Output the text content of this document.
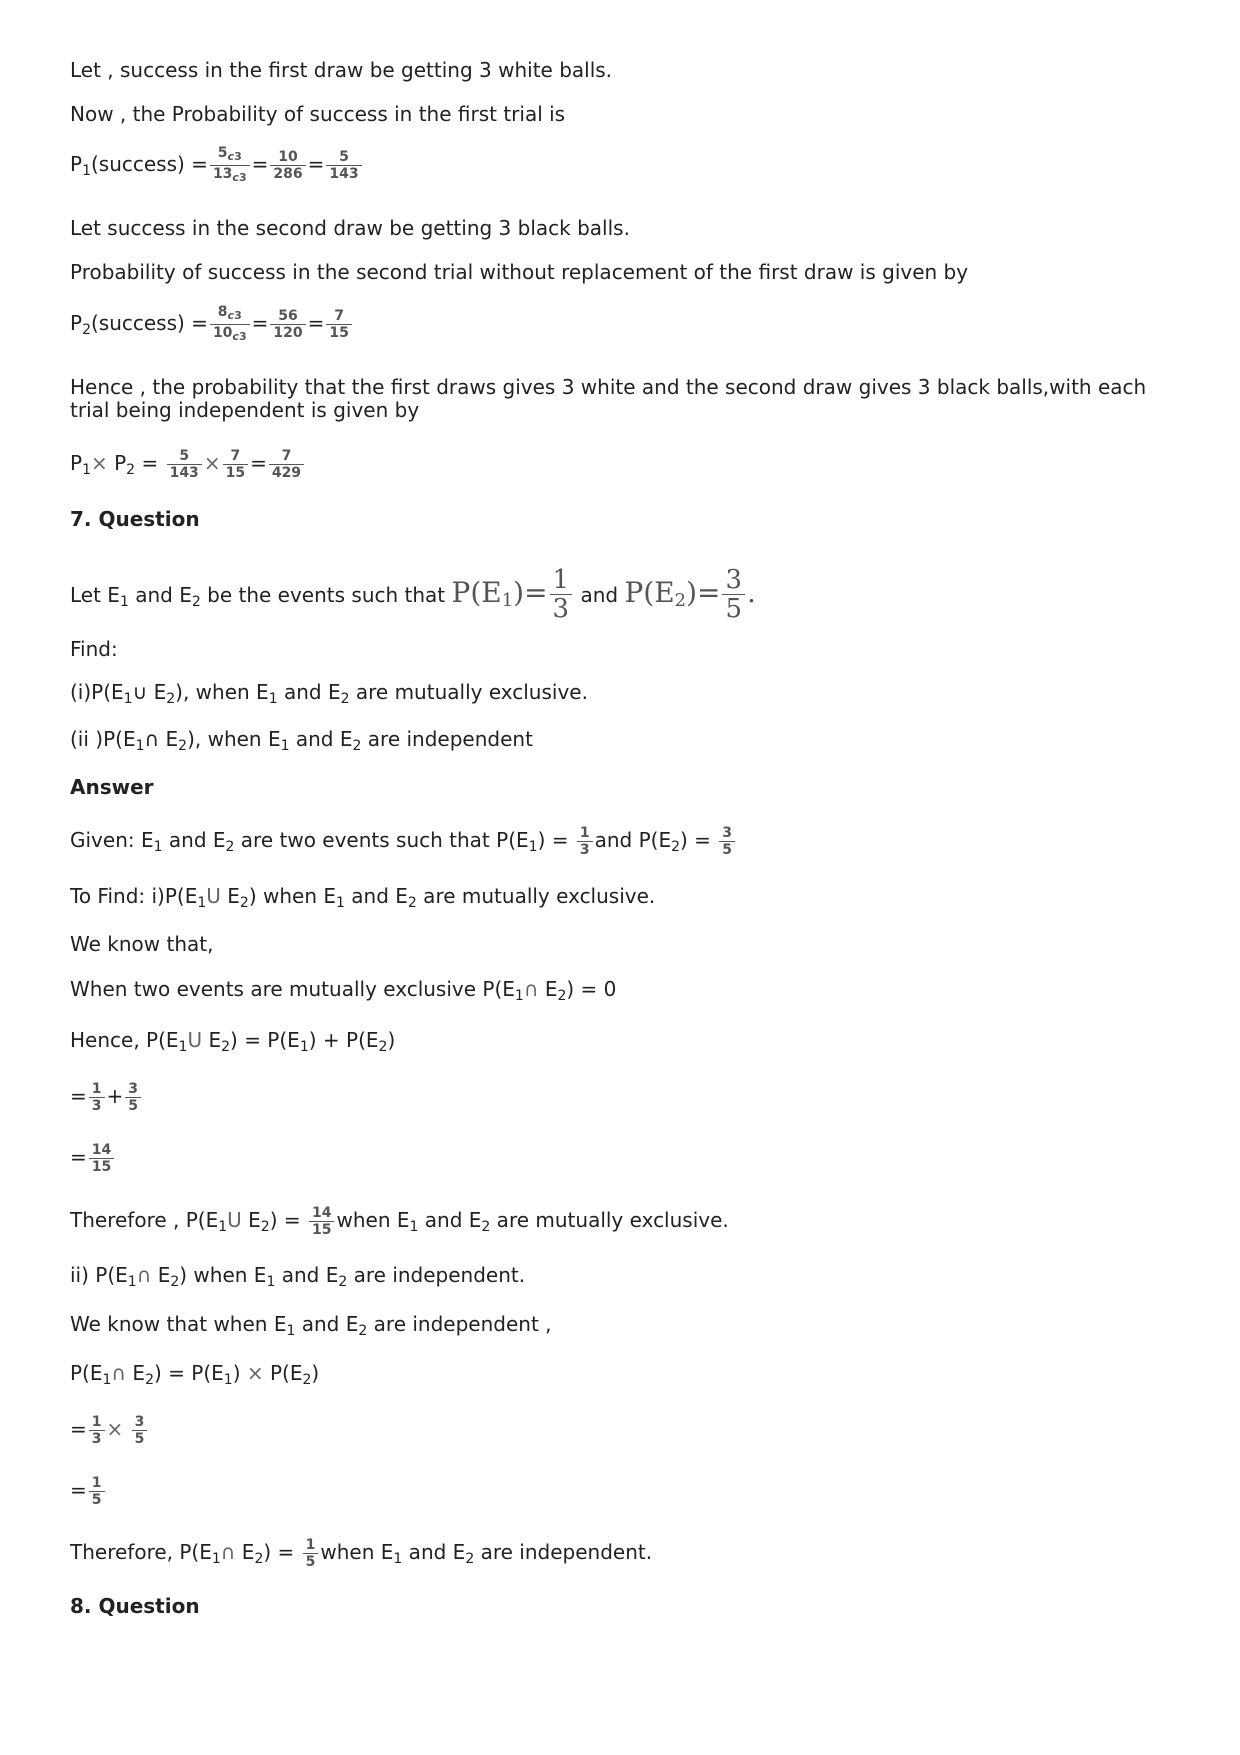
Let , success in the first draw be getting 3 white balls.
Now , the Probability of success in the first trial is
$P_1(success) = \frac{5_{c3}}{13_{c3}} = \frac{10}{286} = \frac{5}{143}$
Let success in the second draw be getting 3 black balls.
Probability of success in the second trial without replacement of the first draw is given by
$P_2(success) = \frac{8_{c3}}{10_{c3}} = \frac{56}{120} = \frac{7}{15}$
Hence , the probability that the first draws gives 3 white and the second draw gives 3 black balls,with each trial being independent is given by
$P_1\times P_2 = \frac{5}{143} \times \frac{7}{15} = \frac{7}{429}$
7. Question
Let $E_1$ and $E_2$ be the events such that $P(E_1)= \frac{1}{3}$ and $P(E_2)= \frac{3}{5}$ .
Find:
$(i)P(E_1\cup$ $E_2$), when $E_1$ and $E_2$ are mutually exclusive.
(ii )$P(E_1\cap$ $E_2$), when $E_1$ and $E_2$ are independent
Answer
Given: $E_1$ and $E_2$ are two events such that $P(E_1) = \frac{1}{3}$ and $P(E_2) = \frac{3}{5}$
To Find: $i)P(E_1U$ $E_2$) when $E_1$ and $E_2$ are mutually exclusive.
We know that,
When two events are mutually exclusive $P(E_1\cap$ $E_2) = 0$
Hence, $P(E_1U$ $E_2) = P(E_1) + P(E_2)$
= $\frac{1}{3} + \frac{3}{5}$
= $\frac{14}{15}$
Therefore , $P(E_1U$ $E_2) = \frac{14}{15}$ when $E_1$ and $E_2$ are mutually exclusive.
ii) $P(E_1\cap$ $E_2$) when $E_1$ and $E_2$ are independent.
We know that when $E_1$ and $E_2$ are independent ,
$P(E_1\cap$ $E_2) = P(E_1) \times P(E_2)$
= $\frac{1}{3} \times \frac{3}{5}$
= $\frac{1}{5}$
Therefore, $P(E_1\cap$ $E_2) = \frac{1}{5}$ when $E_1$ and $E_2$ are independent.
8. Question
